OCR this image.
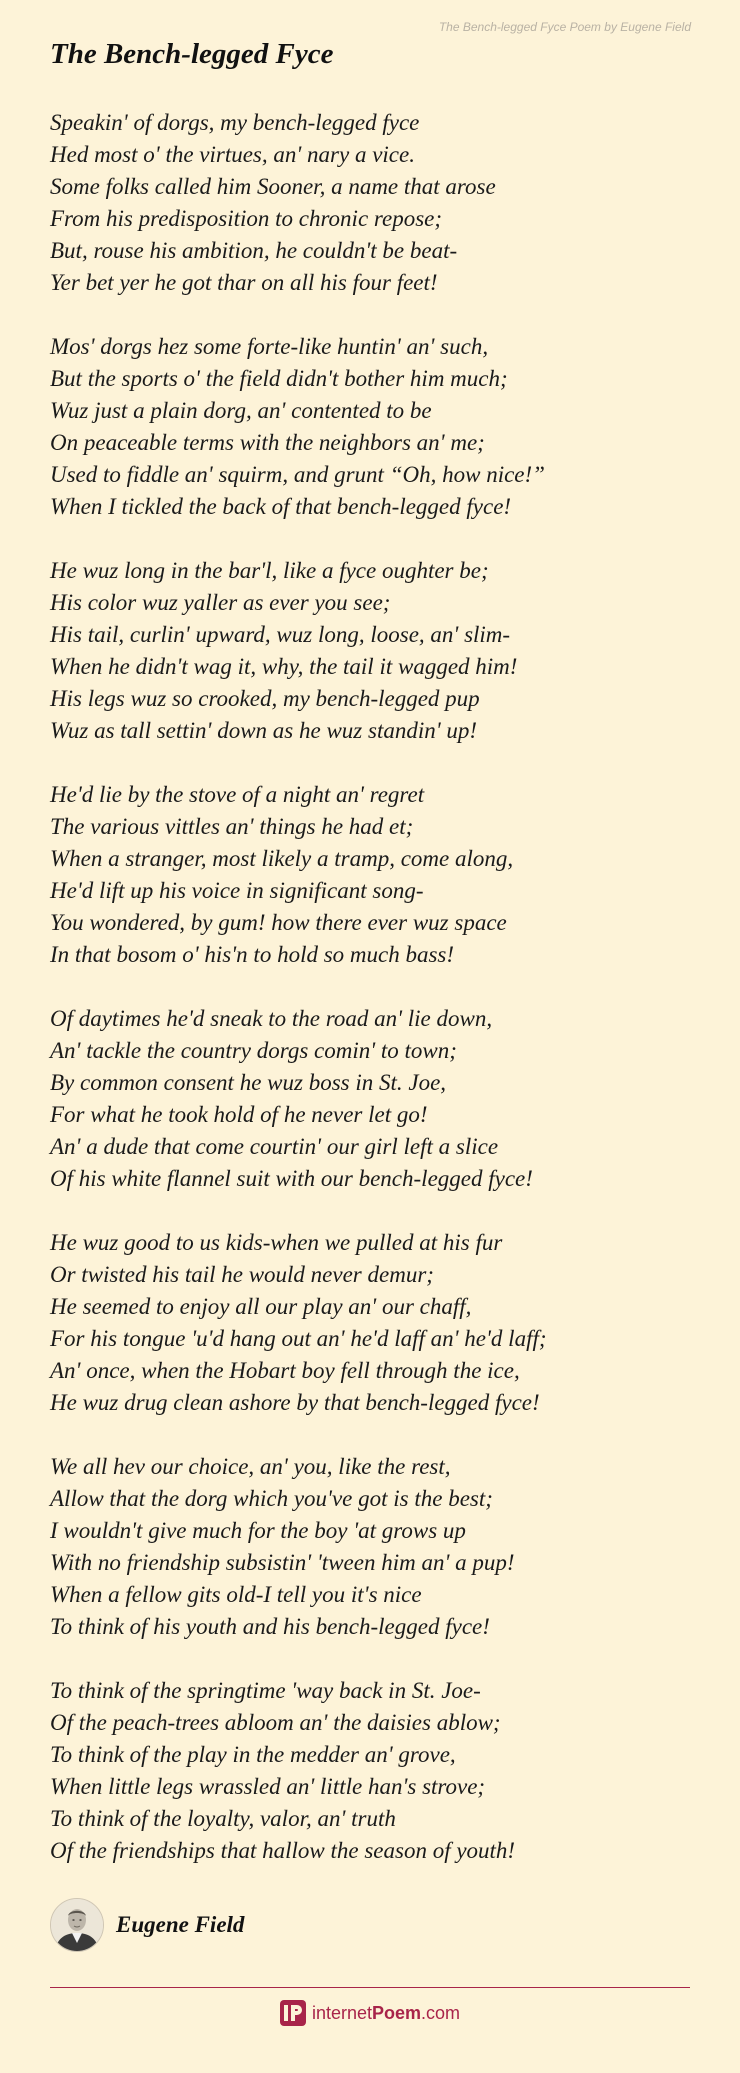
The Bench-legged Fyce Poem by Eugene Field
The Bench-legged Fyce
Speakin' of dorgs, my bench-legged fyce
Hed most o' the virtues, an' nary a vice.
Some folks called him Sooner, a name that arose
From his predisposition to chronic repose;
But, rouse his ambition, he couldn't be beat-
Yer bet yer he got thar on all his four feet!
Mos' dorgs hez some forte-like huntin' an' such,
But the sports o' the field didn't bother him much;
Wuz just a plain dorg, an' contented to be
On peaceable terms with the neighbors an' me;
Used to fiddle an' squirm, and grunt “Oh, how nice!”
When I tickled the back of that bench-legged fyce!
He wuz long in the bar'l, like a fyce oughter be;
His color wuz yaller as ever you see;
His tail, curlin' upward, wuz long, loose, an' slim-
When he didn't wag it, why, the tail it wagged him!
His legs wuz so crooked, my bench-legged pup
Wuz as tall settin' down as he wuz standin' up!
He'd lie by the stove of a night an' regret
The various vittles an' things he had et;
When a stranger, most likely a tramp, come along,
He'd lift up his voice in significant song-
You wondered, by gum! how there ever wuz space
In that bosom o' his'n to hold so much bass!
Of daytimes he'd sneak to the road an' lie down,
An' tackle the country dorgs comin' to town;
By common consent he wuz boss in St. Joe,
For what he took hold of he never let go!
An' a dude that come courtin' our girl left a slice
Of his white flannel suit with our bench-legged fyce!
He wuz good to us kids-when we pulled at his fur
Or twisted his tail he would never demur;
He seemed to enjoy all our play an' our chaff,
For his tongue 'u'd hang out an' he'd laff an' he'd laff;
An' once, when the Hobart boy fell through the ice,
He wuz drug clean ashore by that bench-legged fyce!
We all hev our choice, an' you, like the rest,
Allow that the dorg which you've got is the best;
I wouldn't give much for the boy 'at grows up
With no friendship subsistin' 'tween him an' a pup!
When a fellow gits old-I tell you it's nice
To think of his youth and his bench-legged fyce!
To think of the springtime 'way back in St. Joe-
Of the peach-trees abloom an' the daisies ablow;
To think of the play in the medder an' grove,
When little legs wrassled an' little han's strove;
To think of the loyalty, valor, an' truth
Of the friendships that hallow the season of youth!
Eugene Field
internetPoem.com
